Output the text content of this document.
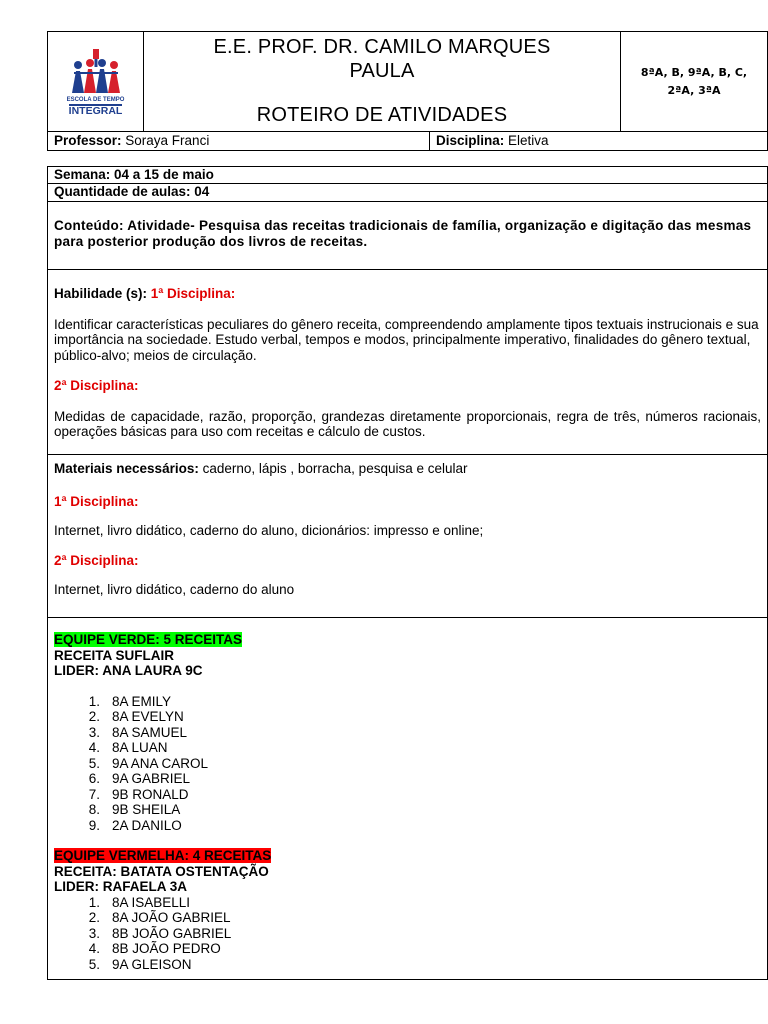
ESCOLA DE TEMPO
INTEGRAL
E.E. PROF. DR. CAMILO MARQUES
PAULA
ROTEIRO DE ATIVIDADES
8ªA, B, 9ªA, B, C, 2ªA, 3ªA
Professor: Soraya Franci	Disciplina: Eletiva
Semana: 04 a 15 de maio
Quantidade de aulas: 04
Conteúdo: Atividade- Pesquisa das receitas tradicionais de família, organização e digitação das mesmas para posterior produção dos livros de receitas.

Habilidade (s): 1ª Disciplina:

Identificar características peculiares do gênero receita, compreendendo amplamente tipos textuais instrucionais e sua importância na sociedade. Estudo verbal, tempos e modos, principalmente imperativo, finalidades do gênero textual, público-alvo; meios de circulação.

2ª Disciplina:

Medidas de capacidade, razão, proporção, grandezas diretamente proporcionais, regra de três, números racionais, operações básicas para uso com receitas e cálculo de custos.

Materiais necessários: caderno, lápis , borracha, pesquisa e celular

1ª Disciplina:

Internet, livro didático, caderno do aluno, dicionários: impresso e online;

2ª Disciplina:

Internet, livro didático, caderno do aluno

EQUIPE VERDE: 5 RECEITAS
RECEITA SUFLAIR
LIDER: ANA LAURA 9C
1. 8A EMILY
2. 8A EVELYN
3. 8A SAMUEL
4. 8A LUAN
5. 9A ANA CAROL
6. 9A GABRIEL
7. 9B RONALD
8. 9B SHEILA
9. 2A DANILO
EQUIPE VERMELHA: 4 RECEITAS
RECEITA: BATATA OSTENTAÇÃO
LIDER: RAFAELA 3A
1. 8A ISABELLI
2. 8A JOÃO GABRIEL
3. 8B JOÃO GABRIEL
4. 8B JOÃO PEDRO
5. 9A GLEISON
